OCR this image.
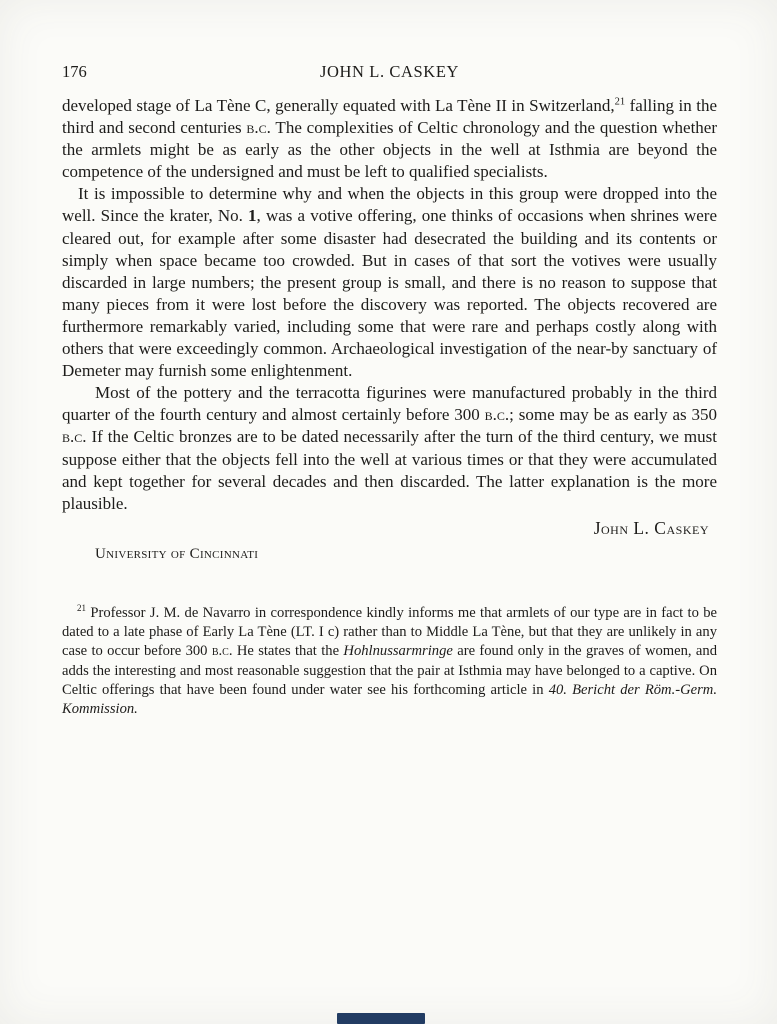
176	JOHN L. CASKEY

developed stage of La Tène C, generally equated with La Tène II in Switzerland,$^{21}$ falling in the third and second centuries b.c. The complexities of Celtic chronology and the question whether the armlets might be as early as the other objects in the well at Isthmia are beyond the competence of the undersigned and must be left to qualified specialists.

It is impossible to determine why and when the objects in this group were dropped into the well. Since the krater, No. 1, was a votive offering, one thinks of occasions when shrines were cleared out, for example after some disaster had desecrated the building and its contents or simply when space became too crowded. But in cases of that sort the votives were usually discarded in large numbers; the present group is small, and there is no reason to suppose that many pieces from it were lost before the discovery was reported. The objects recovered are furthermore remarkably varied, including some that were rare and perhaps costly along with others that were exceedingly common. Archaeological investigation of the near-by sanctuary of Demeter may furnish some enlightenment.

Most of the pottery and the terracotta figurines were manufactured probably in the third quarter of the fourth century and almost certainly before 300 b.c.; some may be as early as 350 b.c. If the Celtic bronzes are to be dated necessarily after the turn of the third century, we must suppose either that the objects fell into the well at various times or that they were accumulated and kept together for several decades and then discarded. The latter explanation is the more plausible.

John L. Caskey
University of Cincinnati

$^{21}$ Professor J. M. de Navarro in correspondence kindly informs me that armlets of our type are in fact to be dated to a late phase of Early La Tène (LT. I c) rather than to Middle La Tène, but that they are unlikely in any case to occur before 300 b.c. He states that the Hohlnussarmringe are found only in the graves of women, and adds the interesting and most reasonable suggestion that the pair at Isthmia may have belonged to a captive. On Celtic offerings that have been found under water see his forthcoming article in 40. Bericht der Röm.-Germ. Kommission.
